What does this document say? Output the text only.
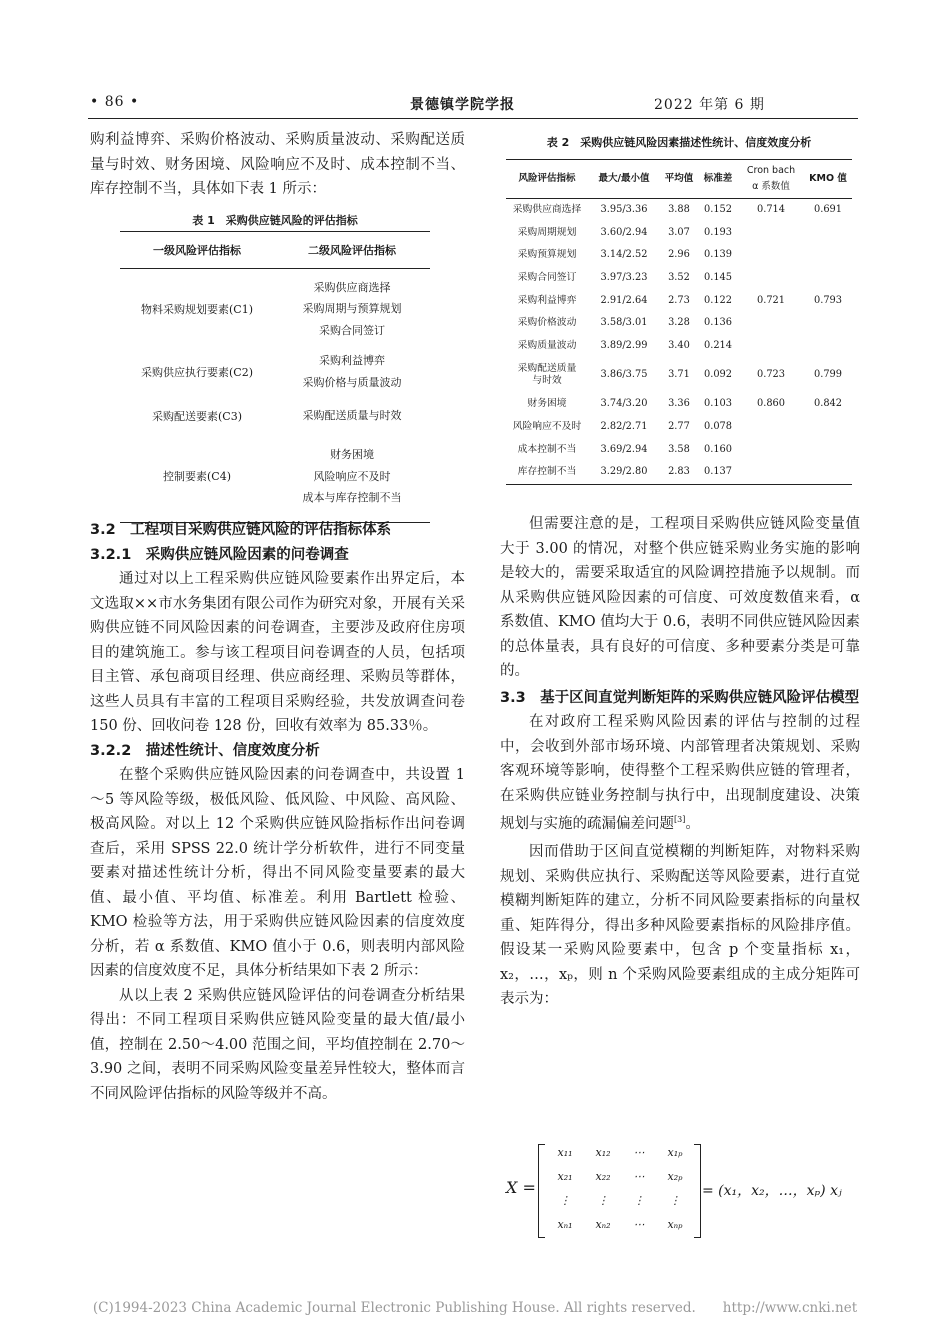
• 86 •	景德镇学院学报	2022 年第 6 期

购利益博弈、采购价格波动、采购质量波动、采购配送质量与时效、财务困境、风险响应不及时、成本控制不当、库存控制不当，具体如下表 1 所示：

表 1　采购供应链风险的评估指标
一级风险评估指标	二级风险评估指标
物料采购规划要素(C1)	采购供应商选择
采购周期与预算规划
采购合同签订

采购供应执行要素(C2)	采购利益博弈
采购价格与质量波动

采购配送要素(C3)	采购配送质量与时效

控制要素(C4)	财务困境
风险响应不及时
成本与库存控制不当

3.2　工程项目采购供应链风险的评估指标体系

3.2.1　采购供应链风险因素的问卷调查

通过对以上工程采购供应链风险要素作出界定后，本文选取××市水务集团有限公司作为研究对象，开展有关采购供应链不同风险因素的问卷调查，主要涉及政府住房项目的建筑施工。参与该工程项目问卷调查的人员，包括项目主管、承包商项目经理、供应商经理、采购员等群体，这些人员具有丰富的工程项目采购经验，共发放调查问卷 150 份、回收问卷 128 份，回收有效率为 85.33％。

3.2.2　描述性统计、信度效度分析

在整个采购供应链风险因素的问卷调查中，共设置 1～5 等风险等级，极低风险、低风险、中风险、高风险、极高风险。对以上 12 个采购供应链风险指标作出问卷调查后，采用 SPSS 22.0 统计学分析软件，进行不同变量要素对描述性统计分析，得出不同风险变量要素的最大值、最小值、平均值、标准差。利用 Bartlett 检验、KMO 检验等方法，用于采购供应链风险因素的信度效度分析，若 α 系数值、KMO 值小于 0.6，则表明内部风险因素的信度效度不足，具体分析结果如下表 2 所示：

从以上表 2 采购供应链风险评估的问卷调查分析结果得出：不同工程项目采购供应链风险变量的最大值/最小值，控制在 2.50～4.00 范围之间，平均值控制在 2.70～3.90 之间，表明不同采购风险变量差异性较大，整体而言不同风险评估指标的风险等级并不高。

表 2　采购供应链风险因素描述性统计、信度效度分析
风险评估指标	最大/最小值	平均值	标准差	Cron bach
α 系数值	KMO 值
采购供应商选择	3.95/3.36	3.88	0.152	0.714	0.691
采购周期规划	3.60/2.94	3.07	0.193		
采购预算规划	3.14/2.52	2.96	0.139		
采购合同签订	3.97/3.23	3.52	0.145		
采购利益博弈	2.91/2.64	2.73	0.122	0.721	0.793
采购价格波动	3.58/3.01	3.28	0.136		
采购质量波动	3.89/2.99	3.40	0.214		
采购配送质量与时效	3.86/3.75	3.71	0.092	0.723	0.799
财务困境	3.74/3.20	3.36	0.103	0.860	0.842
风险响应不及时	2.82/2.71	2.77	0.078		
成本控制不当	3.69/2.94	3.58	0.160		
库存控制不当	3.29/2.80	2.83	0.137		

但需要注意的是，工程项目采购供应链风险变量值大于 3.00 的情况，对整个供应链采购业务实施的影响是较大的，需要采取适宜的风险调控措施予以规制。而从采购供应链风险因素的可信度、可效度数值来看，α 系数值、KMO 值均大于 0.6，表明不同供应链风险因素的总体量表，具有良好的可信度、多种要素分类是可靠的。

3.3　基于区间直觉判断矩阵的采购供应链风险评估模型

在对政府工程采购风险因素的评估与控制的过程中，会收到外部市场环境、内部管理者决策规划、采购客观环境等影响，使得整个工程采购供应链的管理者，在采购供应链业务控制与执行中，出现制度建设、决策规划与实施的疏漏偏差问题[3]。

因而借助于区间直觉模糊的判断矩阵，对物料采购规划、采购供应执行、采购配送等风险要素，进行直觉模糊判断矩阵的建立，分析不同风险要素指标的向量权重、矩阵得分，得出多种风险要素指标的风险排序值。假设某一采购风险要素中，包含 p 个变量指标 x₁，x₂，…，xₚ，则 n 个采购风险要素组成的主成分矩阵可表示为：

X =
x₁₁	x₁₂	⋯	x₁ₚ
x₂₁	x₂₂	⋯	x₂ₚ
⋮	⋮	⋮	⋮
xₙ₁	xₙ₂	⋯	xₙₚ
= (x₁，x₂，…，xₚ) xⱼ
(C)1994-2023 China Academic Journal Electronic Publishing House. All rights reserved.　　http://www.cnki.net
